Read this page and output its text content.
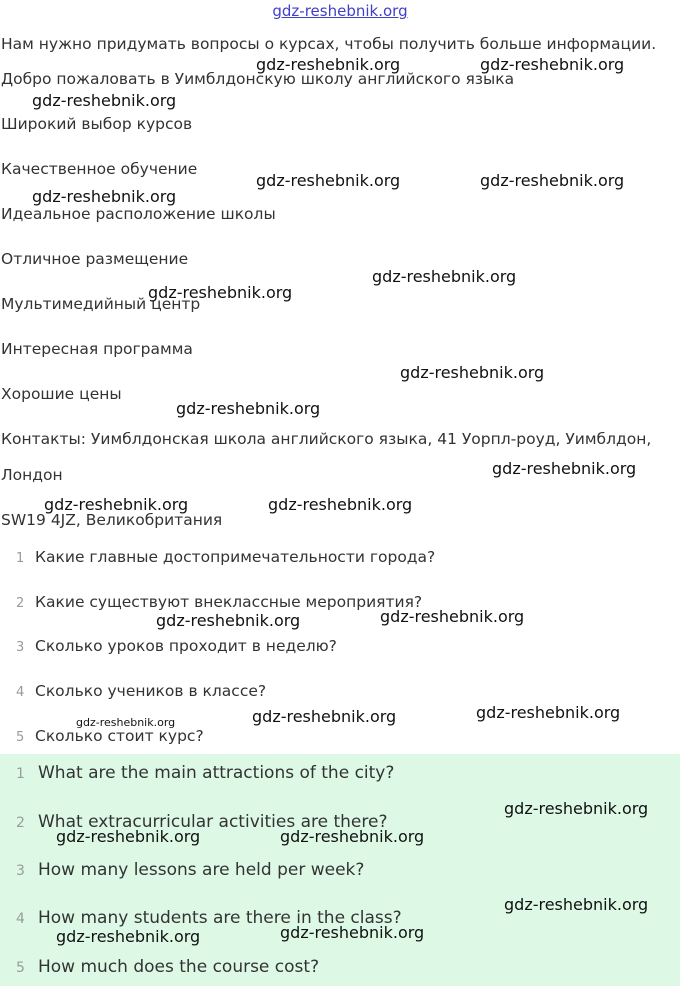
gdz-reshebnik.org
Нам нужно придумать вопросы о курсах, чтобы получить больше информации.
Добро пожаловать в Уимблдонскую школу английского языка
Широкий выбор курсов
Качественное обучение
Идеальное расположение школы
Отличное размещение
Мультимедийный центр
Интересная программа
Хорошие цены
Контакты: Уимблдонская школа английского языка, 41 Уорпл-роуд, Уимблдон,
Лондон
SW19 4JZ, Великобритания
1 Какие главные достопримечательности города?
2 Какие существуют внеклассные мероприятия?
3 Сколько уроков проходит в неделю?
4 Сколько учеников в классе?
5 Сколько стоит курс?
1 What are the main attractions of the city?
2 What extracurricular activities are there?
3 How many lessons are held per week?
4 How many students are there in the class?
5 How much does the course cost?
gdz-reshebnik.org	gdz-reshebnik.org
gdz-reshebnik.org
gdz-reshebnik.org	gdz-reshebnik.org
gdz-reshebnik.org
gdz-reshebnik.org
gdz-reshebnik.org
gdz-reshebnik.org
gdz-reshebnik.org
gdz-reshebnik.org
gdz-reshebnik.org	gdz-reshebnik.org
gdz-reshebnik.org
gdz-reshebnik.org
gdz-reshebnik.org
gdz-reshebnik.org
gdz-reshebnik.org
gdz-reshebnik.org
gdz-reshebnik.org	gdz-reshebnik.org
gdz-reshebnik.org
gdz-reshebnik.org
gdz-reshebnik.org
